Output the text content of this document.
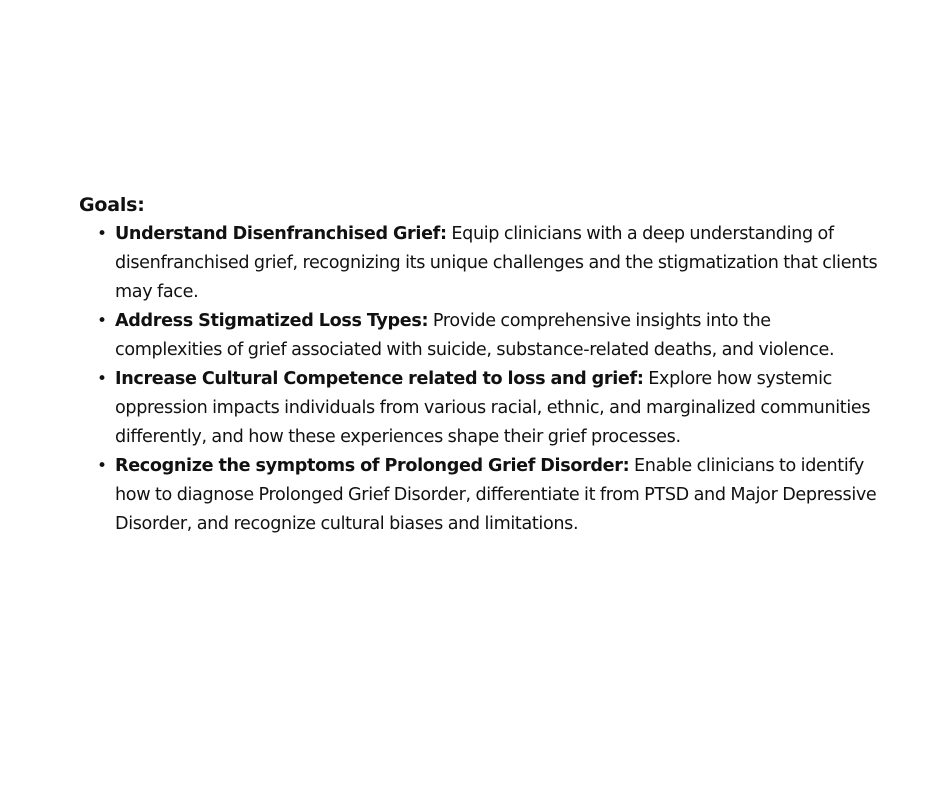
Goals:

• Understand Disenfranchised Grief: Equip clinicians with a deep understanding of disenfranchised grief, recognizing its unique challenges and the stigmatization that clients may face.
• Address Stigmatized Loss Types: Provide comprehensive insights into the complexities of grief associated with suicide, substance-related deaths, and violence.
• Increase Cultural Competence related to loss and grief: Explore how systemic oppression impacts individuals from various racial, ethnic, and marginalized communities differently, and how these experiences shape their grief processes.
• Recognize the symptoms of Prolonged Grief Disorder: Enable clinicians to identify how to diagnose Prolonged Grief Disorder, differentiate it from PTSD and Major Depressive Disorder, and recognize cultural biases and limitations.
